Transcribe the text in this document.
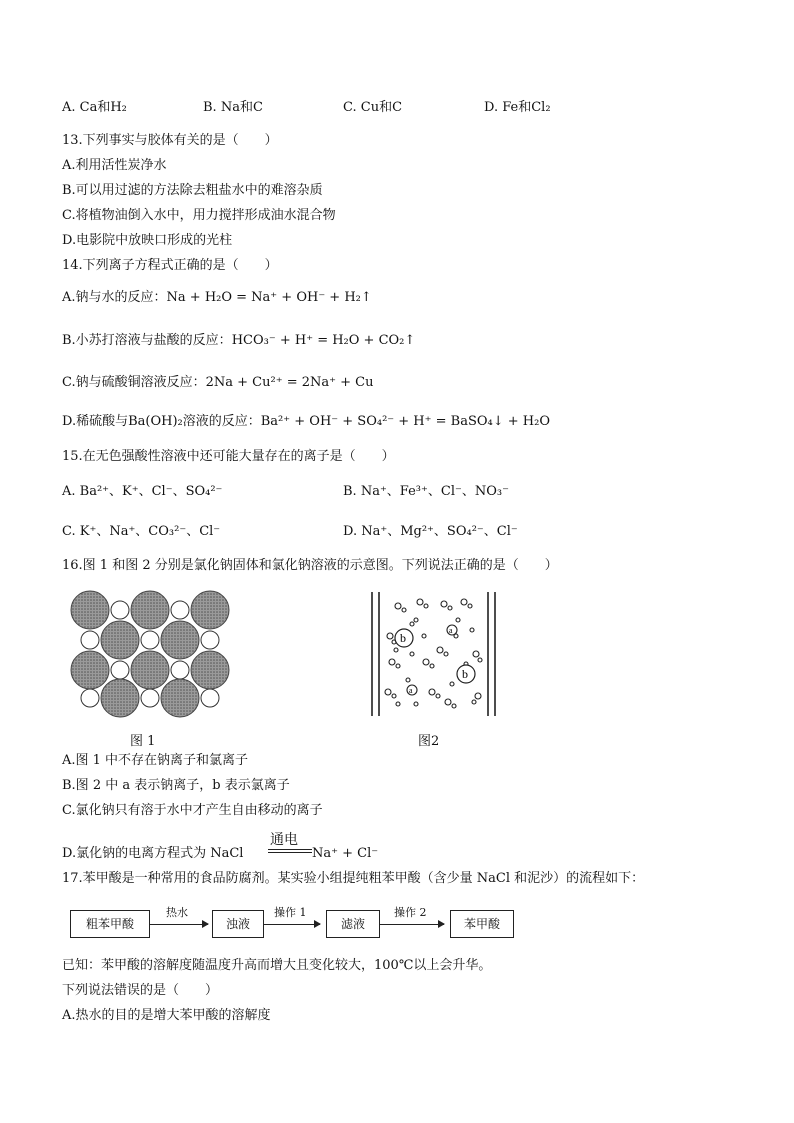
A. Ca和H₂	B. Na和C	C. Cu和C	D. Fe和Cl₂
13.下列事实与胶体有关的是（　　）
A.利用活性炭净水
B.可以用过滤的方法除去粗盐水中的难溶杂质
C.将植物油倒入水中，用力搅拌形成油水混合物
D.电影院中放映口形成的光柱
14.下列离子方程式正确的是（　　）
A.钠与水的反应：Na + H₂O = Na⁺ + OH⁻ + H₂↑
B.小苏打溶液与盐酸的反应：HCO₃⁻ + H⁺ = H₂O + CO₂↑
C.钠与硫酸铜溶液反应：2Na + Cu²⁺ = 2Na⁺ + Cu
D.稀硫酸与Ba(OH)₂溶液的反应：Ba²⁺ + OH⁻ + SO₄²⁻ + H⁺ = BaSO₄↓ + H₂O
15.在无色强酸性溶液中还可能大量存在的离子是（　　）
A. Ba²⁺、K⁺、Cl⁻、SO₄²⁻	B. Na⁺、Fe³⁺、Cl⁻、NO₃⁻
C. K⁺、Na⁺、CO₃²⁻、Cl⁻	D. Na⁺、Mg²⁺、SO₄²⁻、Cl⁻
16.图 1 和图 2 分别是氯化钠固体和氯化钠溶液的示意图。下列说法正确的是（　　）
图 1
b
b
a
a
图2
A.图 1 中不存在钠离子和氯离子
B.图 2 中 a 表示钠离子，b 表示氯离子
C.氯化钠只有溶于水中才产生自由移动的离子
D.氯化钠的电离方程式为 NaCl
通电
Na⁺ + Cl⁻
17.苯甲酸是一种常用的食品防腐剂。某实验小组提纯粗苯甲酸（含少量 NaCl 和泥沙）的流程如下：
粗苯甲酸
热水
浊液
操作 1
滤液
操作 2
苯甲酸
已知：苯甲酸的溶解度随温度升高而增大且变化较大，100℃以上会升华。
下列说法错误的是（　　）
A.热水的目的是增大苯甲酸的溶解度
